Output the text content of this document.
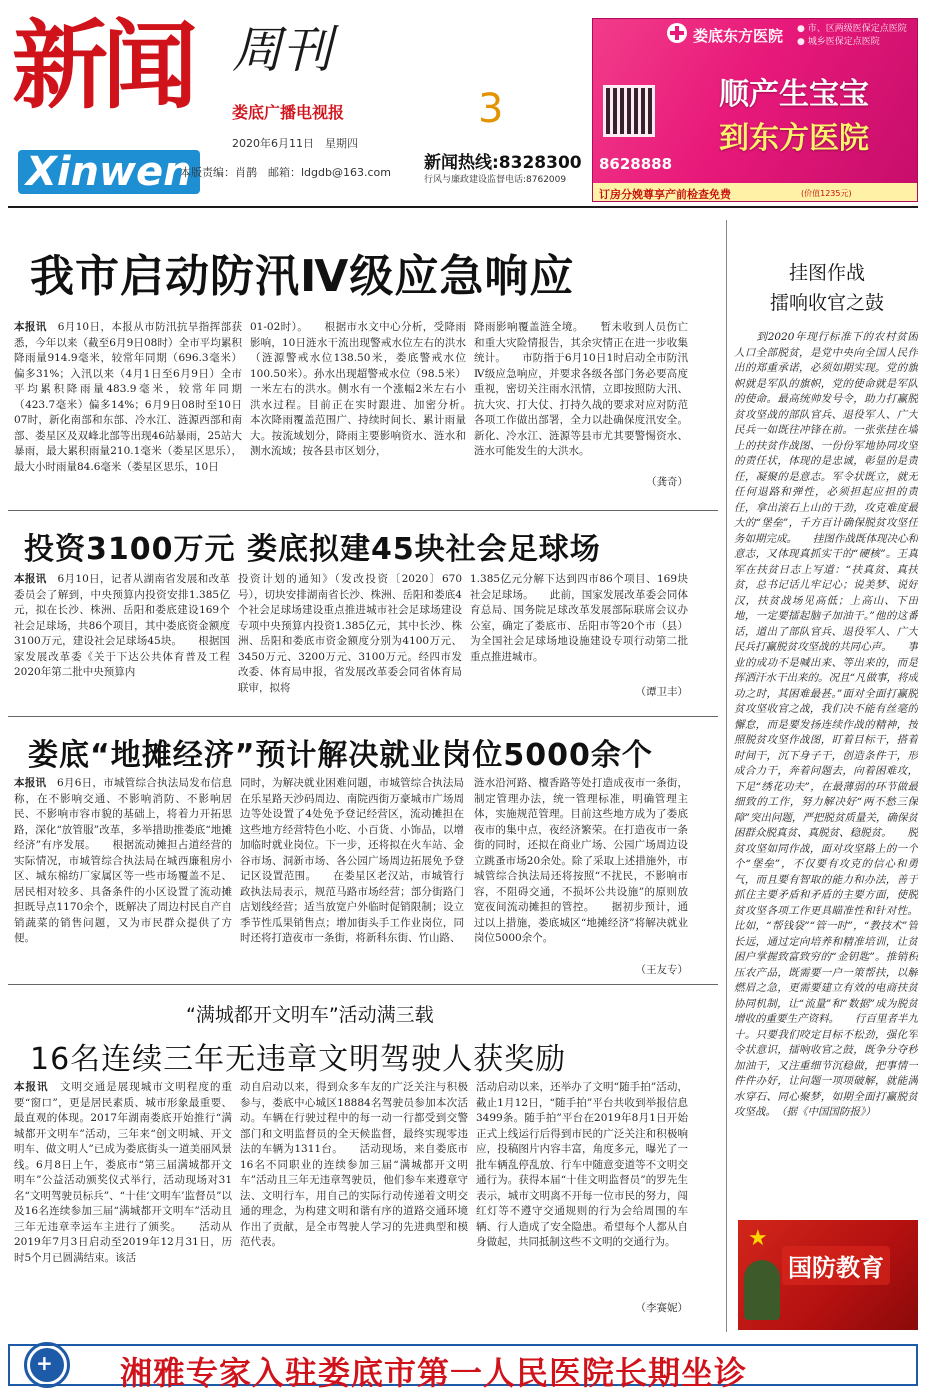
新闻 周刊
娄底广播电视报
2020年6月11日　星期四
Xinwen
本版责编：肖鹊　邮箱：ldgdb@163.com
3
新闻热线:8328300
行风与廉政建设监督电话:8762009
娄底东方医院 ● 市、区两级医保定点医院
● 城乡医保定点医院
顺产生宝宝
到东方医院
8628888
订房分娩尊享产前检查免费	(价值1235元)
我市启动防汛Ⅳ级应急响应
本报讯　 6月10日，本报从市防汛抗旱指挥部获悉，今年以来（截至6月9日08时）全市平均累积降雨量914.9毫米，较常年同期（696.3毫米）偏多31%；入汛以来（4月1日至6月9日）全市平均累积降雨量483.9毫米，较常年同期（423.7毫米）偏多14%；6月9日08时至10日07时，新化南部和东部、冷水江、涟源西部和南部、娄星区及双峰北部等出现46站暴雨，25站大暴雨，最大累积雨量210.1毫米（娄星区思乐），最大小时雨量84.6毫米（娄星区思乐，10日
01-02时）。　　根据市水文中心分析，受降雨影响，10日涟水干流出现警戒水位左右的洪水（涟源警戒水位138.50米，娄底警戒水位100.50米）。孙水出现超警戒水位（98.5米）一米左右的洪水。侧水有一个涨幅2米左右小洪水过程。目前正在实时跟进、加密分析。　　本次降雨覆盖范围广、持续时间长、累计雨量大。按流域划分，降雨主要影响资水、涟水和测水流域；按各县市区划分，
降雨影响覆盖涟全境。　　暂未收到人员伤亡和重大灾险情报告，其余灾情正在进一步收集统计。　　市防指于6月10日1时启动全市防汛Ⅳ级应急响应，并要求各级各部门务必要高度重视，密切关注雨水汛情，立即按照防大汛、抗大灾、打大仗、打持久战的要求对应对防范各项工作做出部署，全力以赴确保度汛安全。新化、冷水江、涟源等县市尤其要警惕资水、涟水可能发生的大洪水。
（龚奇）
投资3100万元 娄底拟建45块社会足球场
本报讯　 6月10日，记者从湖南省发展和改革委员会了解到，中央预算内投资安排1.385亿元，拟在长沙、株洲、岳阳和娄底建设169个社会足球场，共86个项目，其中娄底资金额度3100万元，建设社会足球场45块。　　根据国家发展改革委《关于下达公共体育普及工程2020年第二批中央预算内
投资计划的通知》（发改投资〔2020〕670号），切块安排湖南省长沙、株洲、岳阳和娄底4个社会足球场建设重点推进城市社会足球场建设专项中央预算内投资1.385亿元，其中长沙、株洲、岳阳和娄底市资金额度分别为4100万元、3450万元、3200万元、3100万元。经四市发改委、体育局申报，省发展改革委会同省体育局联审，拟将
1.385亿元分解下达到四市86个项目、169块社会足球场。　　此前，国家发展改革委会同体育总局、国务院足球改革发展部际联席会议办公室，确定了娄底市、岳阳市等20个市（县）为全国社会足球场地设施建设专项行动第二批重点推进城市。
（谭卫丰）
娄底“地摊经济”预计解决就业岗位5000余个
本报讯　 6月6日，市城管综合执法局发布信息称，在不影响交通、不影响消防、不影响居民、不影响市容市貌的基础上，将着力开拓思路，深化“放管服”改革，多举措助推娄底“地摊经济”有序发展。　　根据流动摊担占道经营的实际情况，市城管综合执法局在城西廉租房小区、城东棉纺厂家属区等一些市场覆盖不足、居民相对较多、具备条件的小区设置了流动摊担既导点1170余个，既解决了周边村民自产自销蔬菜的销售问题，又为市民群众提供了方便。
同时，为解决就业困难问题，市城管综合执法局在乐星路天沙码周边、南院西街万豪城市广场周边等处设置了4处免予登记经营区，流动摊担在这些地方经营特色小吃、小百货、小饰品，以增加临时就业岗位。下一步，还将拟在火车站、金谷市场、洞新市场、各公园广场周边拓展免予登记区设置范围。　　在娄星区老汉站，市城管行政执法局表示，规范马路市场经营；部分街路门店划线经营；适当放宽户外临时促销限制；设立季节性瓜果销售点；增加街头手工作业岗位，同时还将打造夜市一条街，将新科东街、竹山路、
涟水沿河路、檀香路等处打造成夜市一条街，制定管理办法，统一管理标准，明确管理主体，实施规范管理。目前这些地方成为了娄底夜市的集中点，夜经济繁荣。在打造夜市一条街的同时，还拟在商业广场、公园广场周边设立跳蚤市场20余处。除了采取上述措施外，市城管综合执法局还将按照“不扰民，不影响市容，不阻碍交通，不损坏公共设施”的原则放宽夜间流动摊担的管控。　　据初步预计，通过以上措施，娄底城区“地摊经济”将解决就业岗位5000余个。
（王友专）
“满城都开文明车”活动满三载
16名连续三年无违章文明驾驶人获奖励
本报讯　 文明交通是展现城市文明程度的重要“窗口”，更是居民素质、城市形象最重要、最直观的体现。2017年湖南娄底开始推行“满城都开文明车”活动，三年来“创文明城、开文明车、做文明人”已成为娄底街头一道美丽风景线。6月8日上午，娄底市“第三届满城都开文明车”公益活动颁奖仪式举行，活动现场对31名“文明驾驶员标兵”、“十佳‘文明车’监督员”以及16名连续参加三届“满城都开文明车”活动且三年无违章幸运车主进行了颁奖。　　活动从2019年7月3日启动至2019年12月31日，历时5个月已圆满结束。该活
动自启动以来，得到众多车友的广泛关注与积极参与，娄底中心城区18884名驾驶员参加本次活动。车辆在行驶过程中的每一动一行都受到交警部门和文明监督员的全天候监督，最终实现零违法的车辆为1311台。　　活动现场，来自娄底市16名不同职业的连续参加三届“满城都开文明车”活动且三年无违章驾驶员，他们参车来遵章守法、文明行车，用自己的实际行动传递着文明交通的理念，为构建文明和谐有序的道路交通环境作出了贡献，是全市驾驶人学习的先进典型和模范代表。
活动启动以来，还举办了文明“随手拍”活动，截止1月12日，“随手拍”平台共收到举报信息3499条。随手拍”平台在2019年8月1日开始正式上线运行后得到市民的广泛关注和积极响应，投稿图片内容丰富，角度多元，曝光了一批车辆乱停乱放、行车中随意变道等不文明交通行为。获得本届“十佳文明监督员”的罗先生表示，城市文明离不开每一位市民的努力，闯红灯等不遵守交通规则的行为会给周围的车辆、行人造成了安全隐患。希望每个人都从自身做起，共同抵制这些不文明的交通行为。
（李赛妮）
挂图作战
擂响收官之鼓
　　到2020年现行标准下的农村贫困人口全部脱贫，是党中央向全国人民作出的郑重承诺，必须如期实现。党的旗帜就是军队的旗帜，党的使命就是军队的使命。最高统帅发号令，助力打赢脱贫攻坚战的部队官兵、退役军人、广大民兵一如既往冲锋在前。一张张挂在墙上的扶贫作战图、一份份军地协同攻坚的责任状，体现的是忠诚，彰显的是责任，凝聚的是意志。军令状既立，就无任何退路和弹性，必须担起应担的责任，拿出滚石上山的干劲，攻克难度最大的“堡垒”，千方百计确保脱贫攻坚任务如期完成。　　挂图作战既体现决心和意志，又体现真抓实干的“硬核”。王真军在扶贫日志上写道：“扶真贫、真扶贫，总书记话儿牢记心；说美梦、说好汉，扶贫战场见高低；上高山、下田地，一定要擂起脑子加油干。”他的这番话，道出了部队官兵、退役军人、广大民兵打赢脱贫攻坚战的共同心声。　　事业的成功不是喊出来、等出来的，而是挥洒汗水干出来的。况且“凡做事，将成功之时，其困难最甚。”面对全面打赢脱贫攻坚收官之战，我们决不能有丝毫的懈怠，而是要发扬连续作战的精神，按照脱贫攻坚作战图，盯着目标干，搭着时间干，沉下身子干，创造条件干，形成合力干，奔着问题去，向着困难攻，下足“绣花功夫”，在最薄弱的环节做最细致的工作，努力解决好“两不愁三保障”突出问题，严把脱贫质量关，确保贫困群众脱真贫、真脱贫、稳脱贫。　　脱贫攻坚如同作战，面对攻坚路上的一个个“堡垒”，不仅要有攻克的信心和勇气，而且要有智取的能力和办法，善于抓住主要矛盾和矛盾的主要方面，使脱贫攻坚各项工作更具瞄准性和针对性。比如，“帮钱袋”“管一时”，“教技术”管长远，通过定向培养和精准培训，让贫困户掌握致富致穷的“金钥匙”。推销积压农产品，既需要一户一策帮扶，以解燃眉之急，更需要建立有效的电商扶贫协同机制，让“流量”和“数据”成为脱贫增收的重要生产资料。　　行百里者半九十。只要我们咬定目标不松劲，强化军令状意识，擂响收官之鼓，既争分夺秒加油干，又注重细节沉稳做，把事情一件件办好，让问题一项项破解，就能满水穿石、同心聚梦，如期全面打赢脱贫攻坚战。　（据《中国国防报》）
★
国防教育
+ 湘雅专家入驻娄底市第一人民医院长期坐诊
